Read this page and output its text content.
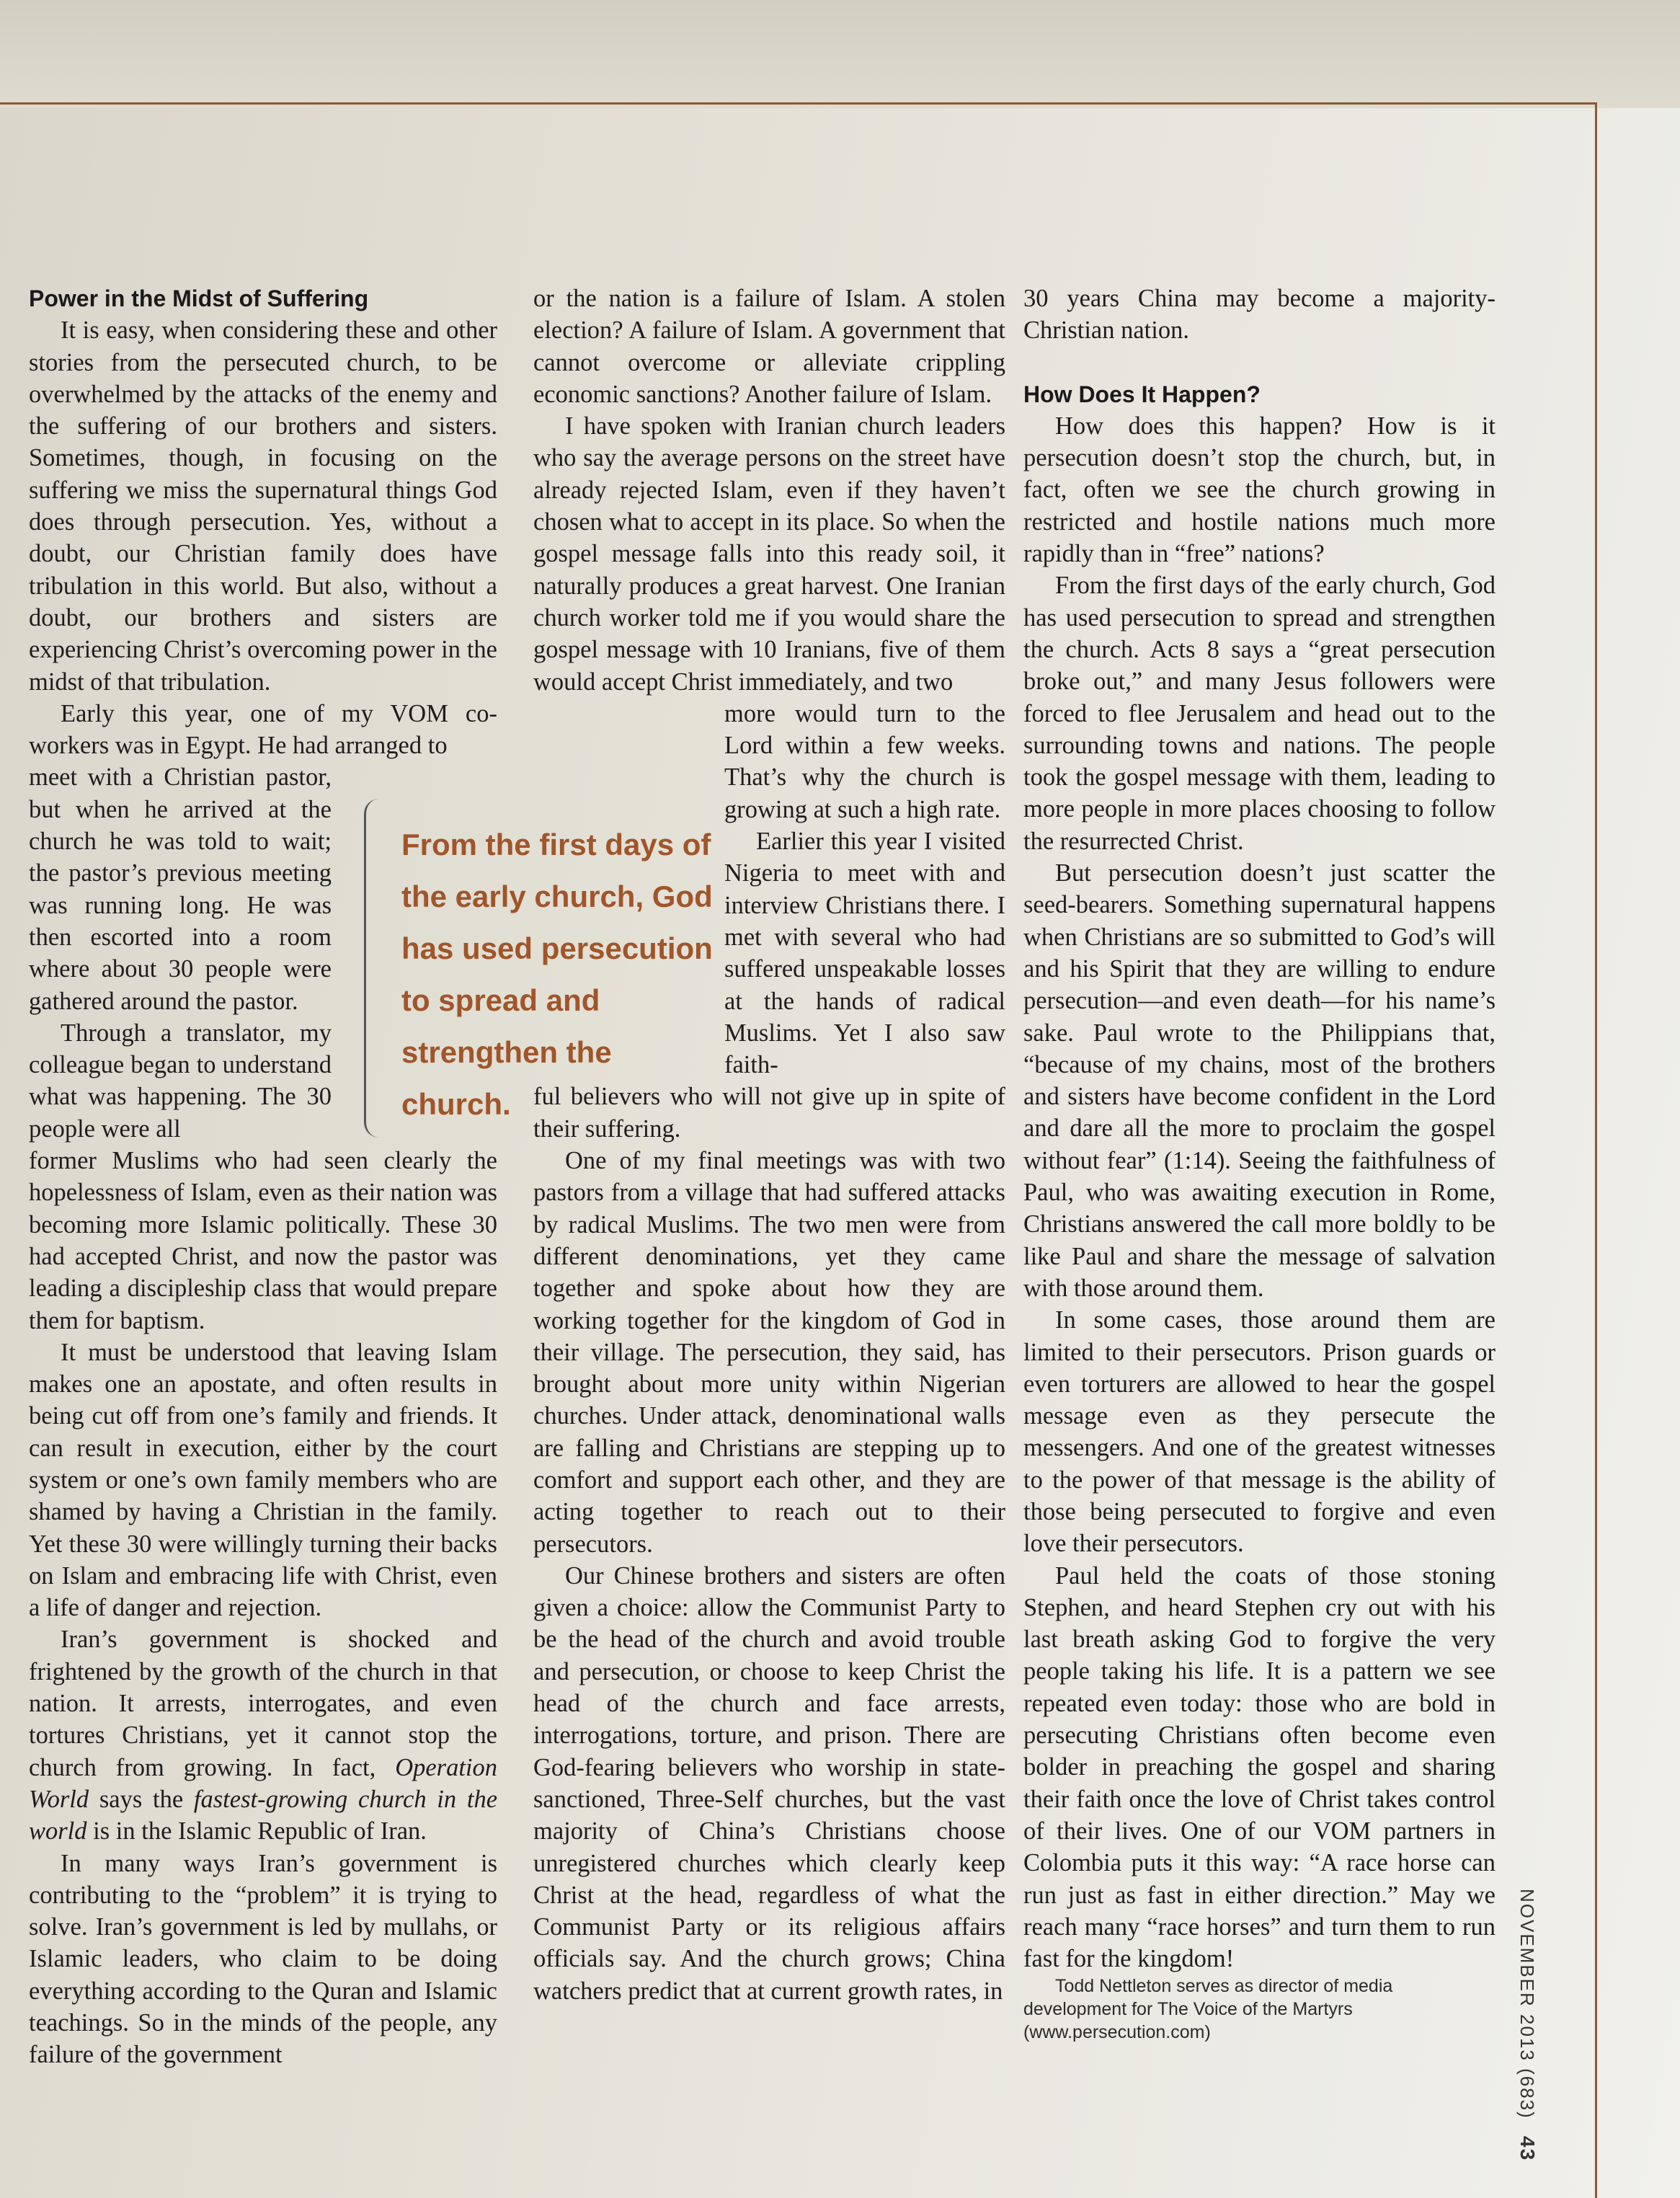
Power in the Midst of Suffering

It is easy, when considering these and other stories from the persecuted church, to be overwhelmed by the attacks of the enemy and the suffering of our brothers and sisters. Sometimes, though, in focusing on the suffering we miss the supernatural things God does through persecution. Yes, without a doubt, our Christian family does have tribulation in this world. But also, without a doubt, our brothers and sisters are experiencing Christ’s overcoming power in the midst of that tribulation.

Early this year, one of my VOM co-workers was in Egypt. He had arranged to

meet with a Christian pastor, but when he arrived at the church he was told to wait; the pastor’s previous meeting was running long. He was then escorted into a room where about 30 people were gathered around the pastor.

Through a translator, my colleague began to understand what was happening. The 30 people were all

former Muslims who had seen clearly the hopelessness of Islam, even as their nation was becoming more Islamic politically. These 30 had accepted Christ, and now the pastor was leading a discipleship class that would prepare them for baptism.

It must be understood that leaving Islam makes one an apostate, and often results in being cut off from one’s family and friends. It can result in execution, either by the court system or one’s own family members who are shamed by having a Christian in the family. Yet these 30 were willingly turning their backs on Islam and embracing life with Christ, even a life of danger and rejection.

Iran’s government is shocked and frightened by the growth of the church in that nation. It arrests, interrogates, and even tortures Christians, yet it cannot stop the church from growing. In fact, Operation World says the fastest-growing church in the world is in the Islamic Republic of Iran.

In many ways Iran’s government is contributing to the “problem” it is trying to solve. Iran’s government is led by mullahs, or Islamic leaders, who claim to be doing everything according to the Quran and Islamic teachings. So in the minds of the people, any failure of the government

or the nation is a failure of Islam. A stolen election? A failure of Islam. A government that cannot overcome or alleviate crippling economic sanctions? Another failure of Islam.

I have spoken with Iranian church leaders who say the average persons on the street have already rejected Islam, even if they haven’t chosen what to accept in its place. So when the gospel message falls into this ready soil, it naturally produces a great harvest. One Iranian church worker told me if you would share the gospel message with 10 Iranians, five of them would accept Christ immediately, and two

more would turn to the Lord within a few weeks. That’s why the church is growing at such a high rate.

Earlier this year I visited Nigeria to meet with and interview Christians there. I met with several who had suffered unspeakable losses at the hands of radical Muslims. Yet I also saw faith-

ful believers who will not give up in spite of their suffering.

One of my final meetings was with two pastors from a village that had suffered attacks by radical Muslims. The two men were from different denominations, yet they came together and spoke about how they are working together for the kingdom of God in their village. The persecution, they said, has brought about more unity within Nigerian churches. Under attack, denominational walls are falling and Christians are stepping up to comfort and support each other, and they are acting together to reach out to their persecutors.

Our Chinese brothers and sisters are often given a choice: allow the Communist Party to be the head of the church and avoid trouble and persecution, or choose to keep Christ the head of the church and face arrests, interrogations, torture, and prison. There are God-fearing believers who worship in state-sanctioned, Three-Self churches, but the vast majority of China’s Christians choose unregistered churches which clearly keep Christ at the head, regardless of what the Communist Party or its religious affairs officials say. And the church grows; China watchers predict that at current growth rates, in

30 years China may become a majority-Christian nation.

How Does It Happen?

How does this happen? How is it persecution doesn’t stop the church, but, in fact, often we see the church growing in restricted and hostile nations much more rapidly than in “free” nations?

From the first days of the early church, God has used persecution to spread and strengthen the church. Acts 8 says a “great persecution broke out,” and many Jesus followers were forced to flee Jerusalem and head out to the surrounding towns and nations. The people took the gospel message with them, leading to more people in more places choosing to follow the resurrected Christ.

But persecution doesn’t just scatter the seed-bearers. Something supernatural happens when Christians are so submitted to God’s will and his Spirit that they are willing to endure persecution—and even death—for his name’s sake. Paul wrote to the Philippians that, “because of my chains, most of the brothers and sisters have become confident in the Lord and dare all the more to proclaim the gospel without fear” (1:14). Seeing the faithfulness of Paul, who was awaiting execution in Rome, Christians answered the call more boldly to be like Paul and share the message of salvation with those around them.

In some cases, those around them are limited to their persecutors. Prison guards or even torturers are allowed to hear the gospel message even as they persecute the messengers. And one of the greatest witnesses to the power of that message is the ability of those being persecuted to forgive and even love their persecutors.

Paul held the coats of those stoning Stephen, and heard Stephen cry out with his last breath asking God to forgive the very people taking his life. It is a pattern we see repeated even today: those who are bold in persecuting Christians often become even bolder in preaching the gospel and sharing their faith once the love of Christ takes control of their lives. One of our VOM partners in Colombia puts it this way: “A race horse can run just as fast in either direction.” May we reach many “race horses” and turn them to run fast for the kingdom!

Todd Nettleton serves as director of media development for The Voice of the Martyrs (www.persecution.com)

From the first days of the early church, God has used persecution to spread and strengthen the church.
NOVEMBER 2013 (683) 43
